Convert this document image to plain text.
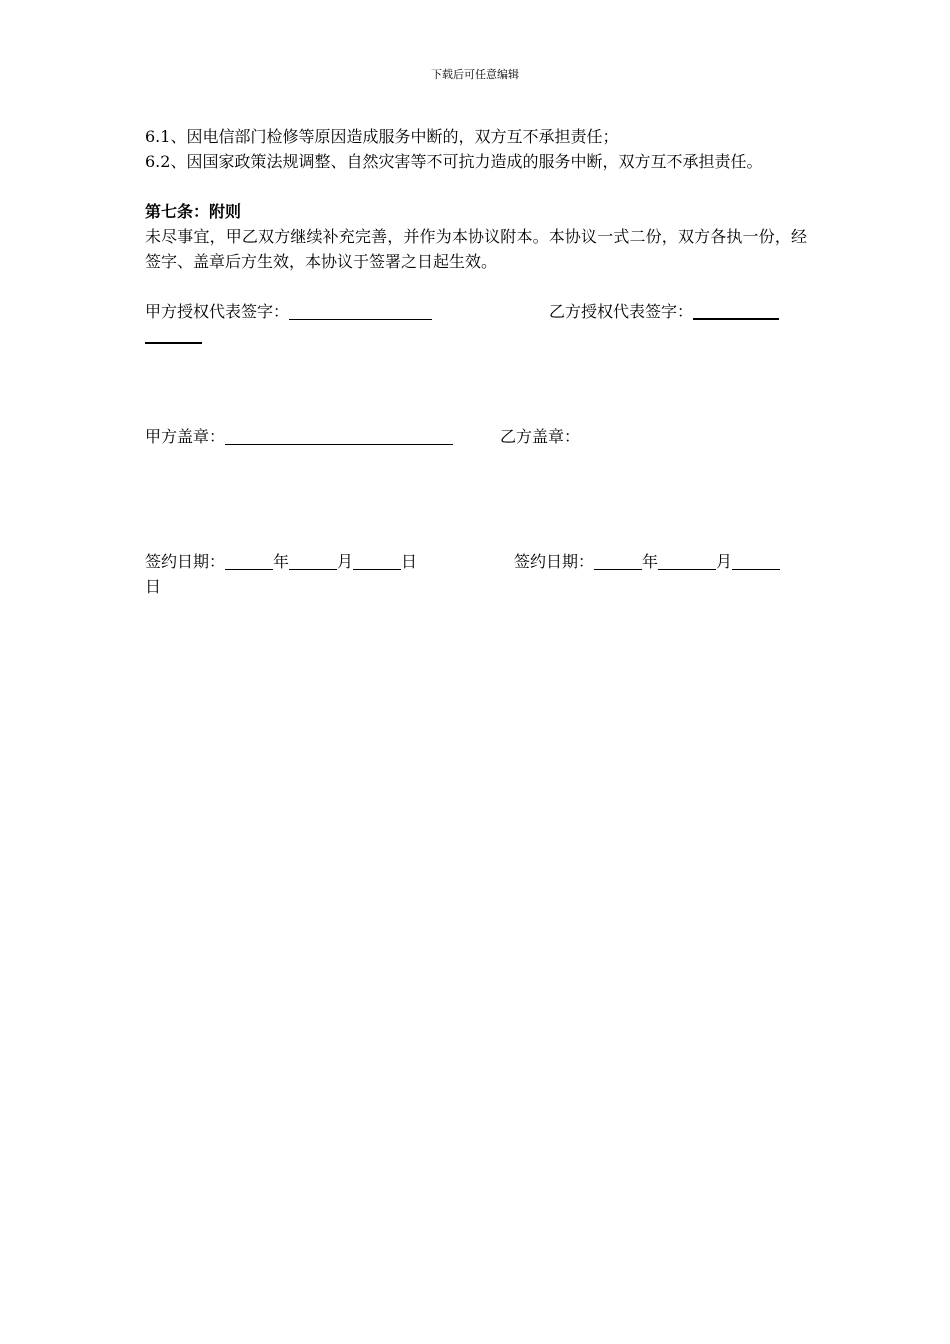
下载后可任意编辑
6.1、因电信部门检修等原因造成服务中断的，双方互不承担责任；
6.2、因国家政策法规调整、自然灾害等不可抗力造成的服务中断，双方互不承担责任。
第七条：附则
未尽事宜，甲乙双方继续补充完善，并作为本协议附本。本协议一式二份，双方各执一份，经签字、盖章后方生效，本协议于签署之日起生效。
甲方授权代表签字：	乙方授权代表签字：
甲方盖章：	乙方盖章：
签约日期：	年	月	日	签约日期：	年	月
日
